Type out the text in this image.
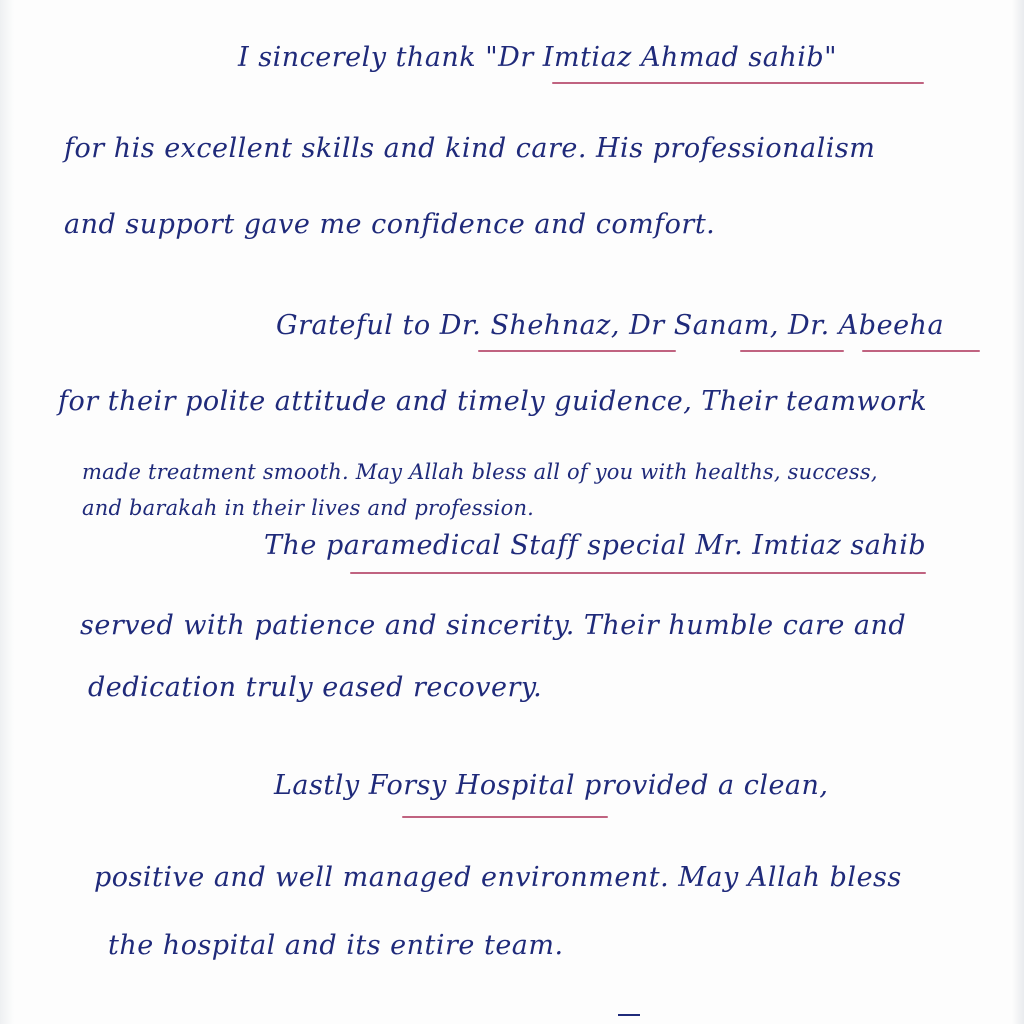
I sincerely thank "Dr Imtiaz Ahmad sahib"
for his excellent skills and kind care. His professionalism
and support gave me confidence and comfort.
Grateful to Dr. Shehnaz, Dr Sanam, Dr. Abeeha
for their polite attitude and timely guidence, Their teamwork
made treatment smooth. May Allah bless all of you with healths, success,
and barakah in their lives and profession.
The paramedical Staff special Mr. Imtiaz sahib
served with patience and sincerity. Their humble care and
dedication truly eased recovery.
Lastly Forsy Hospital provided a clean,
positive and well managed environment. May Allah bless
the hospital and its entire team.
